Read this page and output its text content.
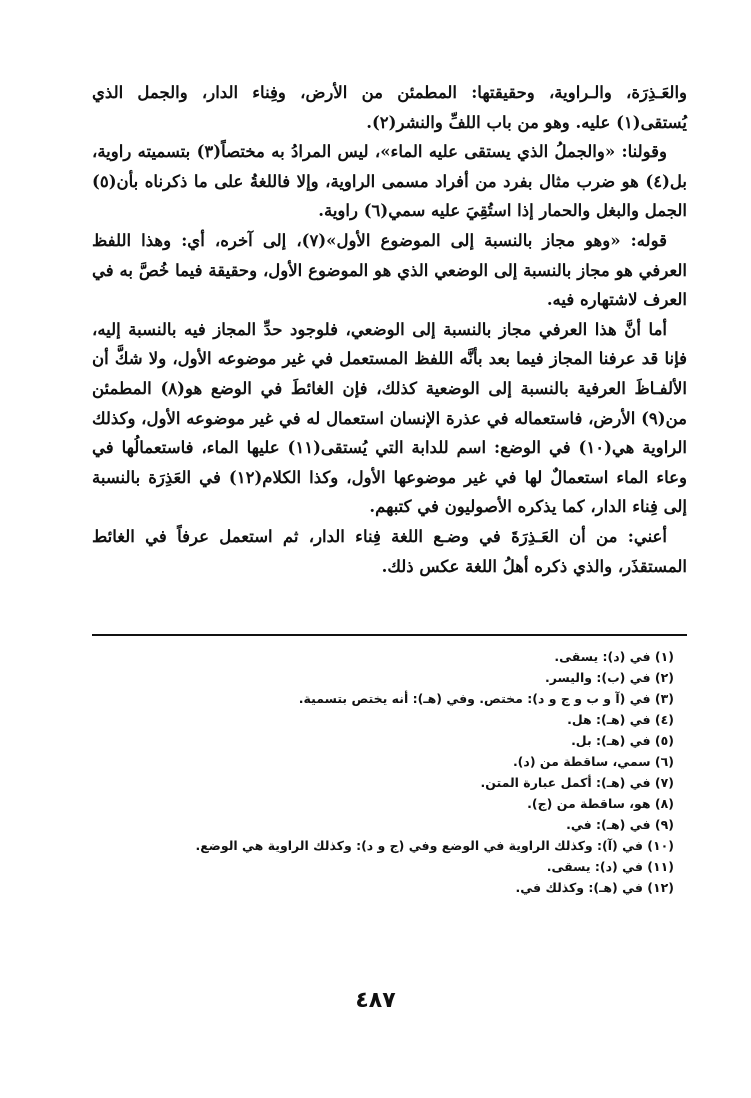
والعَـذِرَة، والـراوية، وحقيقتها: المطمئن من الأرض، وفِناء الدار، والجمل الذي يُستقى(١) عليه. وهو من باب اللفِّ والنشر(٢).

وقولنا: «والجملُ الذي يستقى عليه الماء»، ليس المرادُ به مختصاً(٣) بتسميته راوية، بل(٤) هو ضرب مثال بفرد من أفراد مسمى الراوية، وإلا فاللغةُ على ما ذكرناه بأن(٥) الجمل والبغل والحمار إذا استُقِيَ عليه سمي(٦) راوية.

قوله: «وهو مجاز بالنسبة إلى الموضوع الأول»(٧)، إلى آخره، أي: وهذا اللفظ العرفي هو مجاز بالنسبة إلى الوضعي الذي هو الموضوع الأول، وحقيقة فيما خُصَّ به في العرف لاشتهاره فيه.

أما أنَّ هذا العرفي مجاز بالنسبة إلى الوضعي، فلوجود حدِّ المجاز فيه بالنسبة إليه، فإنا قد عرفنا المجاز فيما بعد بأنَّه اللفظ المستعمل في غير موضوعه الأول، ولا شكَّ أن الألفـاظَ العرفية بالنسبة إلى الوضعية كذلك، فإن الغائطَ في الوضع هو(٨) المطمئن من(٩) الأرض، فاستعماله في عذرة الإنسان استعمال له في غير موضوعه الأول، وكذلك الراوية هي(١٠) في الوضع: اسم للدابة التي يُستقى(١١) عليها الماء، فاستعمالُها في وعاء الماء استعمالٌ لها في غير موضوعها الأول، وكذا الكلام(١٢) في العَذِرَة بالنسبة إلى فِناء الدار، كما يذكره الأصوليون في كتبهم.

أعني: من أن العَـذِرَةَ في وضـع اللغة فِناء الدار، ثم استعمل عرفاً في الغائط المستقذَر، والذي ذكره أهلُ اللغة عكس ذلك.

(١) في (د): يسقى.

(٢) في (ب): واليسر.

(٣) في (آ و ب و ج و د): مختص. وفي (هـ): أنه يختص بتسمية.

(٤) في (هـ): هل.

(٥) في (هـ): بل.

(٦) سمي، ساقطة من (د).

(٧) في (هـ): أكمل عبارة المتن.

(٨) هو، ساقطة من (ج).

(٩) في (هـ): في.

(١٠) في (آ): وكذلك الراوية في الوضع وفي (ج و د): وكذلك الراوية هي الوضع.

(١١) في (د): يسقى.

(١٢) في (هـ): وكذلك في.

٤٨٧
